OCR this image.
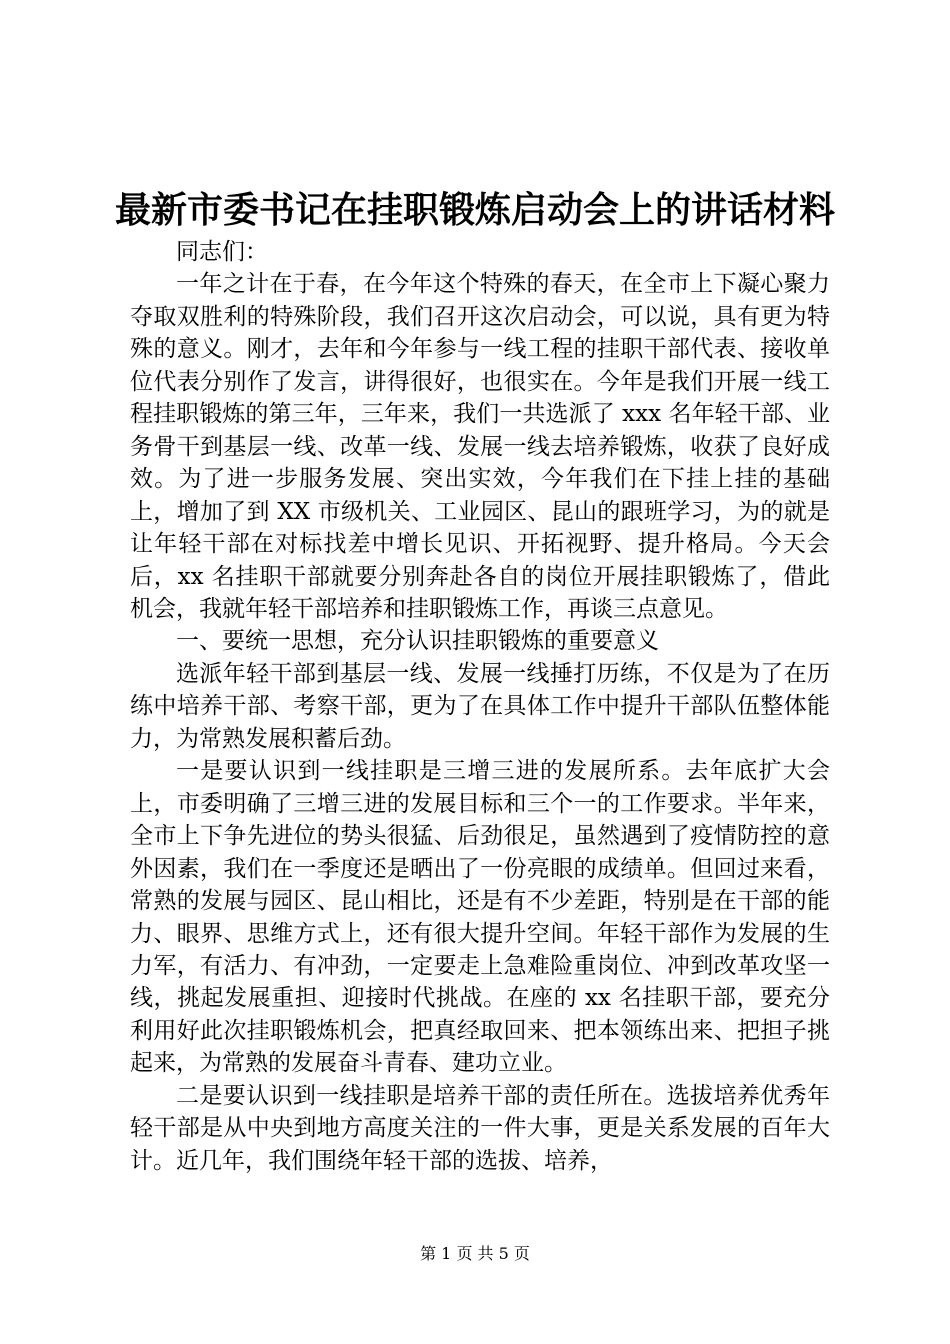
最新市委书记在挂职锻炼启动会上的讲话材料

同志们：

一年之计在于春，在今年这个特殊的春天，在全市上下凝心聚力夺取双胜利的特殊阶段，我们召开这次启动会，可以说，具有更为特殊的意义。刚才，去年和今年参与一线工程的挂职干部代表、接收单位代表分别作了发言，讲得很好，也很实在。今年是我们开展一线工程挂职锻炼的第三年，三年来，我们一共选派了 xxx 名年轻干部、业务骨干到基层一线、改革一线、发展一线去培养锻炼，收获了良好成效。为了进一步服务发展、突出实效，今年我们在下挂上挂的基础上，增加了到 XX 市级机关、工业园区、昆山的跟班学习，为的就是让年轻干部在对标找差中增长见识、开拓视野、提升格局。今天会后，xx 名挂职干部就要分别奔赴各自的岗位开展挂职锻炼了，借此机会，我就年轻干部培养和挂职锻炼工作，再谈三点意见。

一、要统一思想，充分认识挂职锻炼的重要意义

选派年轻干部到基层一线、发展一线捶打历练，不仅是为了在历练中培养干部、考察干部，更为了在具体工作中提升干部队伍整体能力，为常熟发展积蓄后劲。

一是要认识到一线挂职是三增三进的发展所系。去年底扩大会上，市委明确了三增三进的发展目标和三个一的工作要求。半年来，全市上下争先进位的势头很猛、后劲很足，虽然遇到了疫情防控的意外因素，我们在一季度还是晒出了一份亮眼的成绩单。但回过来看，常熟的发展与园区、昆山相比，还是有不少差距，特别是在干部的能力、眼界、思维方式上，还有很大提升空间。年轻干部作为发展的生力军，有活力、有冲劲，一定要走上急难险重岗位、冲到改革攻坚一线，挑起发展重担、迎接时代挑战。在座的 xx 名挂职干部，要充分利用好此次挂职锻炼机会，把真经取回来、把本领练出来、把担子挑起来，为常熟的发展奋斗青春、建功立业。

二是要认识到一线挂职是培养干部的责任所在。选拔培养优秀年轻干部是从中央到地方高度关注的一件大事，更是关系发展的百年大计。近几年，我们围绕年轻干部的选拔、培养，

第 1 页 共 5 页
